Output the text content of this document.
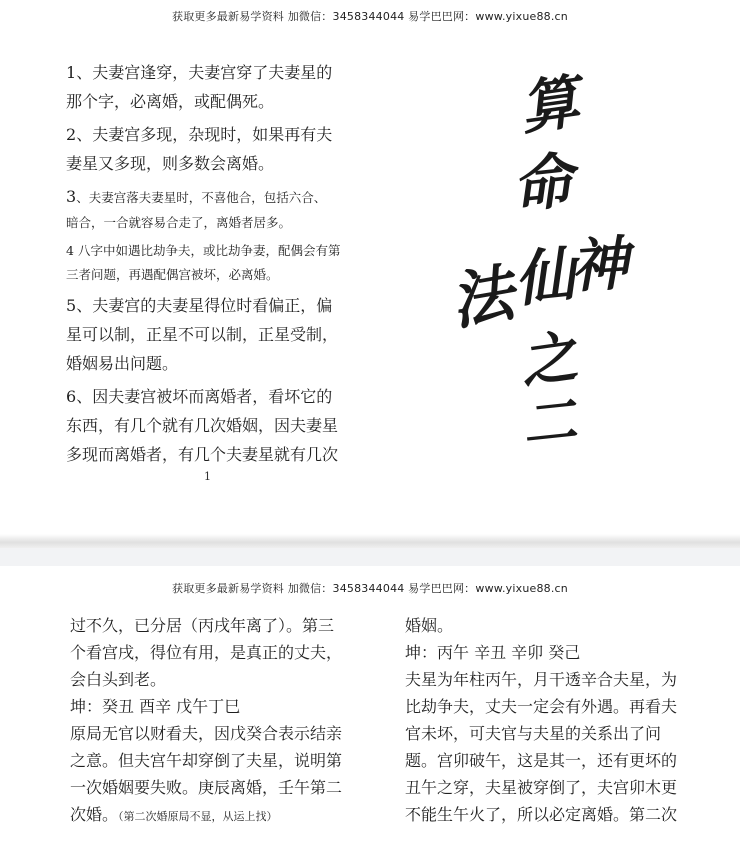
获取更多最新易学资料 加微信：3458344044 易学巴巴网：www.yixue88.cn

1、夫妻宫逢穿，夫妻宫穿了夫妻星的
那个字，必离婚，或配偶死。

2、夫妻宫多现，杂现时，如果再有夫
妻星又多现，则多数会离婚。

3、夫妻宫落夫妻星时，不喜他合，包括六合、
暗合，一合就容易合走了，离婚者居多。

4 八字中如遇比劫争夫，或比劫争妻，配偶会有第
三者问题，再遇配偶宫被坏，必离婚。

5、夫妻宫的夫妻星得位时看偏正，偏
星可以制，正星不可以制，正星受制，
婚姻易出问题。

6、因夫妻宫被坏而离婚者，看坏它的
东西，有几个就有几次婚姻，因夫妻星
多现而离婚者，有几个夫妻星就有几次

1
算
命
法
仙
神
之
二
获取更多最新易学资料 加微信：3458344044 易学巴巴网：www.yixue88.cn
过不久，已分居（丙戌年离了）。第三
个看宫戌，得位有用，是真正的丈夫，
会白头到老。
坤：癸丑 酉辛 戊午丁巳
原局无官以财看夫，因戊癸合表示结亲
之意。但夫宫午却穿倒了夫星，说明第
一次婚姻要失败。庚辰离婚，壬午第二
次婚。（第二次婚原局不显，从运上找）
婚姻。
坤：丙午 辛丑 辛卯 癸己
夫星为年柱丙午，月干透辛合夫星，为
比劫争夫，丈夫一定会有外遇。再看夫
官未坏，可夫官与夫星的关系出了问
题。宫卯破午，这是其一，还有更坏的
丑午之穿，夫星被穿倒了，夫宫卯木更
不能生午火了，所以必定离婚。第二次
